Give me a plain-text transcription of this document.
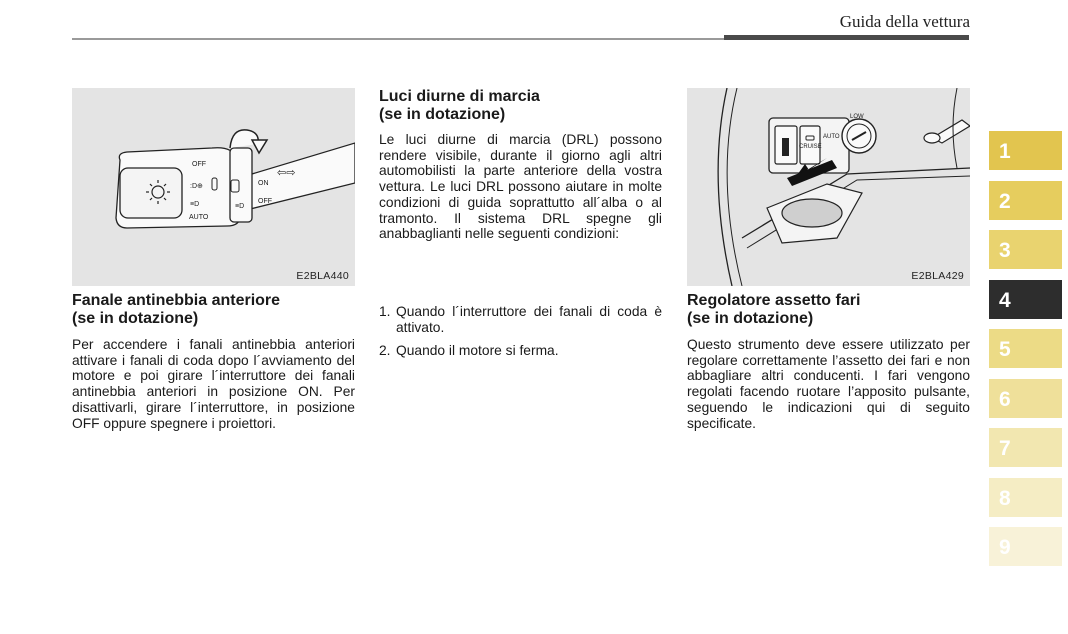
Guida della vettura
:D⊕
≡D	≡D
⇦⇨
OFF
ON
OFF
AUTO
E2BLA440
Fanale antinebbia anteriore
(se in dotazione)
Per accendere i fanali antinebbia anteriori attivare i fanali di coda dopo l´avviamento del motore e poi girare l´interruttore dei fanali antinebbia anteriori in posizione ON. Per disattivarli, girare l´interruttore, in posizione OFF oppure spegnere i proiettori.
Luci diurne di marcia
(se in dotazione)
Le luci diurne di marcia (DRL) possono rendere visibile, durante il giorno agli altri automobilisti la parte anteriore della vostra vettura. Le luci DRL possono aiutare in molte condizioni di guida soprattutto all´alba o al tramonto. Il sistema DRL spegne gli anabbaglianti nelle seguenti condizioni:
1. Quando l´interruttore dei fanali di coda è attivato.
2. Quando il motore si ferma.
CRUISE
LOW
AUTO
E2BLA429
Regolatore assetto fari
(se in dotazione)
Questo strumento deve essere utilizzato per regolare correttamente l’assetto dei fari e non abbagliare altri conducenti. I fari vengono regolati facendo ruotare l’apposito pulsante, seguendo le indicazioni qui di seguito specificate.
1
2
3
4
5
6
7
8
9
